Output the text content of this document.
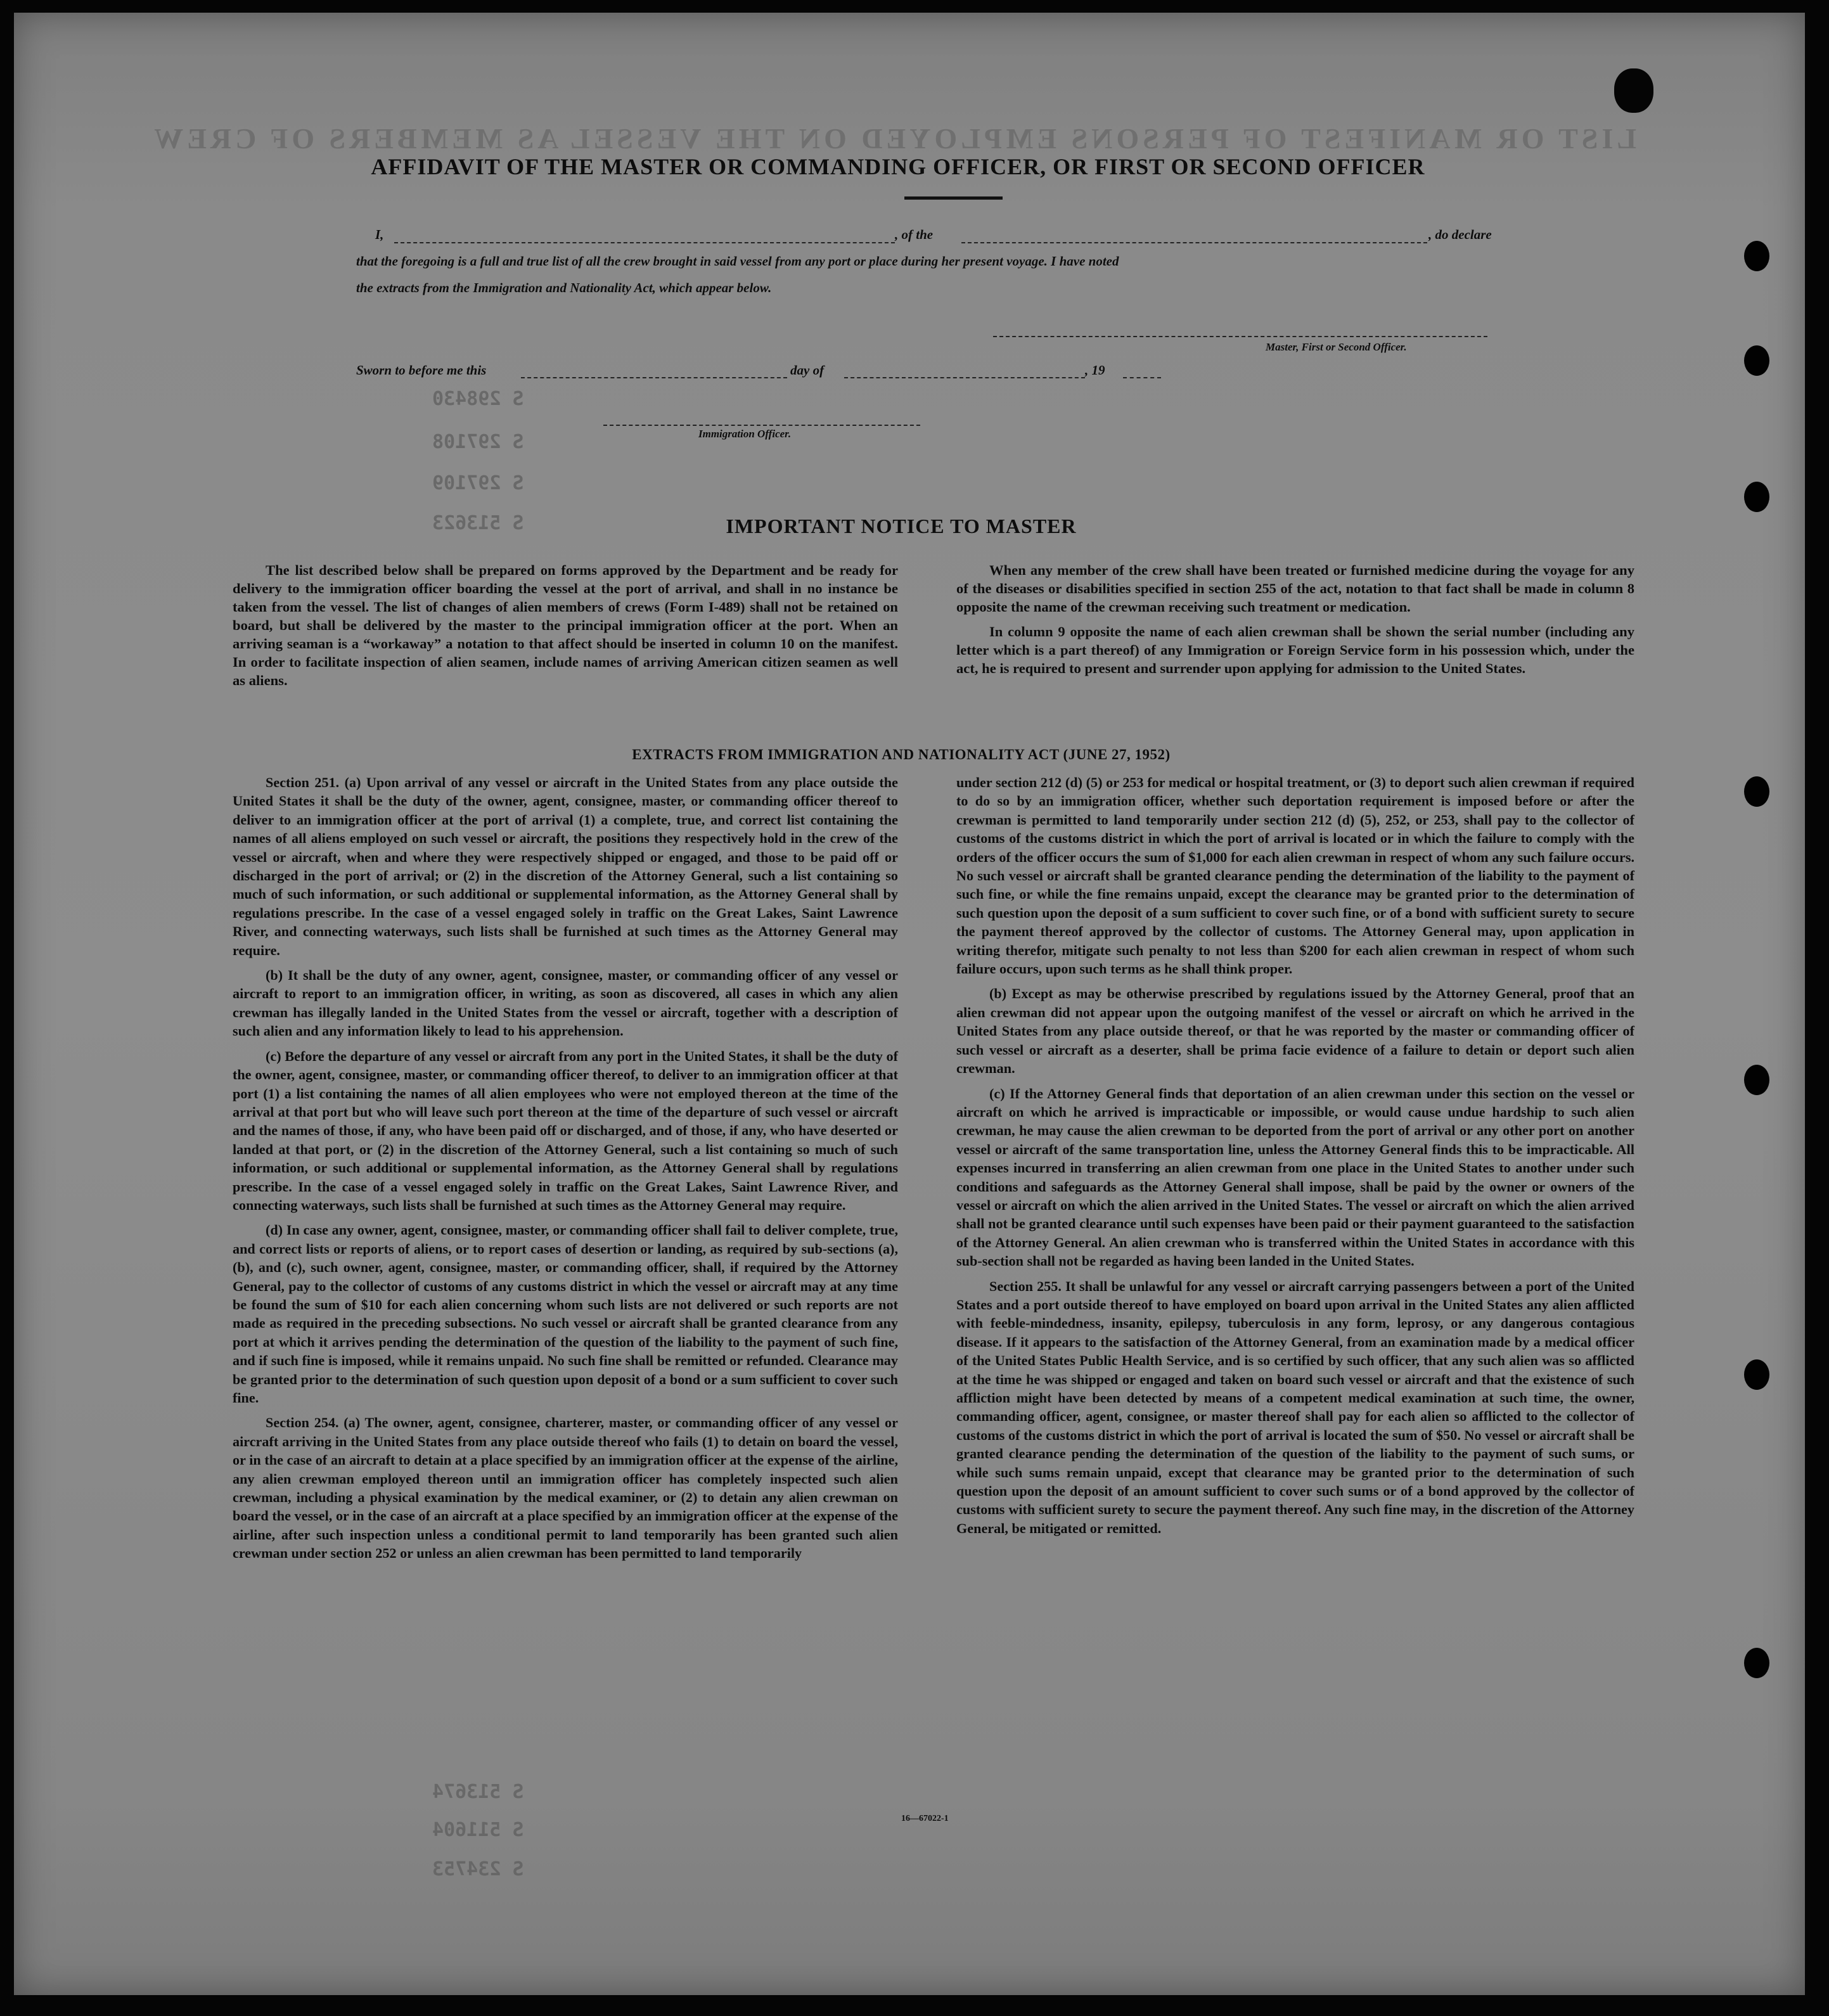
LIST OR MANIFEST OF PERSONS EMPLOYED ON THE VESSEL AS MEMBERS OF CREW
S 298430
S 297108
S 297109
S 513623
S 513674
S 511604
S 234753
AFFIDAVIT OF THE MASTER OR COMMANDING OFFICER, OR FIRST OR SECOND OFFICER
I,	, of the	, do declare
that the foregoing is a full and true list of all the crew brought in said vessel from any port or place during her present voyage. I have noted
the extracts from the Immigration and Nationality Act, which appear below.
Master, First or Second Officer.
Sworn to before me this	day of	, 19
Immigration Officer.
IMPORTANT NOTICE TO MASTER

The list described below shall be prepared on forms approved by the Department and be ready for delivery to the immigration officer boarding the vessel at the port of arrival, and shall in no instance be taken from the vessel. The list of changes of alien members of crews (Form I-489) shall not be retained on board, but shall be delivered by the master to the principal immigration officer at the port. When an arriving seaman is a “workaway” a notation to that affect should be inserted in column 10 on the manifest. In order to facilitate inspection of alien seamen, include names of arriving American citizen seamen as well as aliens.

When any member of the crew shall have been treated or furnished medicine during the voyage for any of the diseases or disabilities specified in section 255 of the act, notation to that fact shall be made in column 8 opposite the name of the crewman receiving such treatment or medication.

In column 9 opposite the name of each alien crewman shall be shown the serial number (including any letter which is a part thereof) of any Immigration or Foreign Service form in his possession which, under the act, he is required to present and surrender upon applying for admission to the United States.

EXTRACTS FROM IMMIGRATION AND NATIONALITY ACT (JUNE 27, 1952)

Section 251. (a) Upon arrival of any vessel or aircraft in the United States from any place outside the United States it shall be the duty of the owner, agent, consignee, master, or commanding officer thereof to deliver to an immigration officer at the port of arrival (1) a complete, true, and correct list containing the names of all aliens employed on such vessel or aircraft, the positions they respectively hold in the crew of the vessel or aircraft, when and where they were respectively shipped or engaged, and those to be paid off or discharged in the port of arrival; or (2) in the discretion of the Attorney General, such a list containing so much of such information, or such additional or supplemental information, as the Attorney General shall by regulations prescribe. In the case of a vessel engaged solely in traffic on the Great Lakes, Saint Lawrence River, and connecting waterways, such lists shall be furnished at such times as the Attorney General may require.

(b) It shall be the duty of any owner, agent, consignee, master, or commanding officer of any vessel or aircraft to report to an immigration officer, in writing, as soon as discovered, all cases in which any alien crewman has illegally landed in the United States from the vessel or aircraft, together with a description of such alien and any information likely to lead to his apprehension.

(c) Before the departure of any vessel or aircraft from any port in the United States, it shall be the duty of the owner, agent, consignee, master, or commanding officer thereof, to deliver to an immigration officer at that port (1) a list containing the names of all alien employees who were not employed thereon at the time of the arrival at that port but who will leave such port thereon at the time of the departure of such vessel or aircraft and the names of those, if any, who have been paid off or discharged, and of those, if any, who have deserted or landed at that port, or (2) in the discretion of the Attorney General, such a list containing so much of such information, or such additional or supplemental information, as the Attorney General shall by regulations prescribe. In the case of a vessel engaged solely in traffic on the Great Lakes, Saint Lawrence River, and connecting waterways, such lists shall be furnished at such times as the Attorney General may require.

(d) In case any owner, agent, consignee, master, or commanding officer shall fail to deliver complete, true, and correct lists or reports of aliens, or to report cases of desertion or landing, as required by sub-sections (a), (b), and (c), such owner, agent, consignee, master, or commanding officer, shall, if required by the Attorney General, pay to the collector of customs of any customs district in which the vessel or aircraft may at any time be found the sum of $10 for each alien concerning whom such lists are not delivered or such reports are not made as required in the preceding subsections. No such vessel or aircraft shall be granted clearance from any port at which it arrives pending the determination of the question of the liability to the payment of such fine, and if such fine is imposed, while it remains unpaid. No such fine shall be remitted or refunded. Clearance may be granted prior to the determination of such question upon deposit of a bond or a sum sufficient to cover such fine.

Section 254. (a) The owner, agent, consignee, charterer, master, or commanding officer of any vessel or aircraft arriving in the United States from any place outside thereof who fails (1) to detain on board the vessel, or in the case of an aircraft to detain at a place specified by an immigration officer at the expense of the airline, any alien crewman employed thereon until an immigration officer has completely inspected such alien crewman, including a physical examination by the medical examiner, or (2) to detain any alien crewman on board the vessel, or in the case of an aircraft at a place specified by an immigration officer at the expense of the airline, after such inspection unless a conditional permit to land temporarily has been granted such alien crewman under section 252 or unless an alien crewman has been permitted to land temporarily

under section 212 (d) (5) or 253 for medical or hospital treatment, or (3) to deport such alien crewman if required to do so by an immigration officer, whether such deportation requirement is imposed before or after the crewman is permitted to land temporarily under section 212 (d) (5), 252, or 253, shall pay to the collector of customs of the customs district in which the port of arrival is located or in which the failure to comply with the orders of the officer occurs the sum of $1,000 for each alien crewman in respect of whom any such failure occurs. No such vessel or aircraft shall be granted clearance pending the determination of the liability to the payment of such fine, or while the fine remains unpaid, except the clearance may be granted prior to the determination of such question upon the deposit of a sum sufficient to cover such fine, or of a bond with sufficient surety to secure the payment thereof approved by the collector of customs. The Attorney General may, upon application in writing therefor, mitigate such penalty to not less than $200 for each alien crewman in respect of whom such failure occurs, upon such terms as he shall think proper.

(b) Except as may be otherwise prescribed by regulations issued by the Attorney General, proof that an alien crewman did not appear upon the outgoing manifest of the vessel or aircraft on which he arrived in the United States from any place outside thereof, or that he was reported by the master or commanding officer of such vessel or aircraft as a deserter, shall be prima facie evidence of a failure to detain or deport such alien crewman.

(c) If the Attorney General finds that deportation of an alien crewman under this section on the vessel or aircraft on which he arrived is impracticable or impossible, or would cause undue hardship to such alien crewman, he may cause the alien crewman to be deported from the port of arrival or any other port on another vessel or aircraft of the same transportation line, unless the Attorney General finds this to be impracticable. All expenses incurred in transferring an alien crewman from one place in the United States to another under such conditions and safeguards as the Attorney General shall impose, shall be paid by the owner or owners of the vessel or aircraft on which the alien arrived in the United States. The vessel or aircraft on which the alien arrived shall not be granted clearance until such expenses have been paid or their payment guaranteed to the satisfaction of the Attorney General. An alien crewman who is transferred within the United States in accordance with this sub-section shall not be regarded as having been landed in the United States.

Section 255. It shall be unlawful for any vessel or aircraft carrying passengers between a port of the United States and a port outside thereof to have employed on board upon arrival in the United States any alien afflicted with feeble-mindedness, insanity, epilepsy, tuberculosis in any form, leprosy, or any dangerous contagious disease. If it appears to the satisfaction of the Attorney General, from an examination made by a medical officer of the United States Public Health Service, and is so certified by such officer, that any such alien was so afflicted at the time he was shipped or engaged and taken on board such vessel or aircraft and that the existence of such affliction might have been detected by means of a competent medical examination at such time, the owner, commanding officer, agent, consignee, or master thereof shall pay for each alien so afflicted to the collector of customs of the customs district in which the port of arrival is located the sum of $50. No vessel or aircraft shall be granted clearance pending the determination of the question of the liability to the payment of such sums, or while such sums remain unpaid, except that clearance may be granted prior to the determination of such question upon the deposit of an amount sufficient to cover such sums or of a bond approved by the collector of customs with sufficient surety to secure the payment thereof. Any such fine may, in the discretion of the Attorney General, be mitigated or remitted.

16—67022-1
